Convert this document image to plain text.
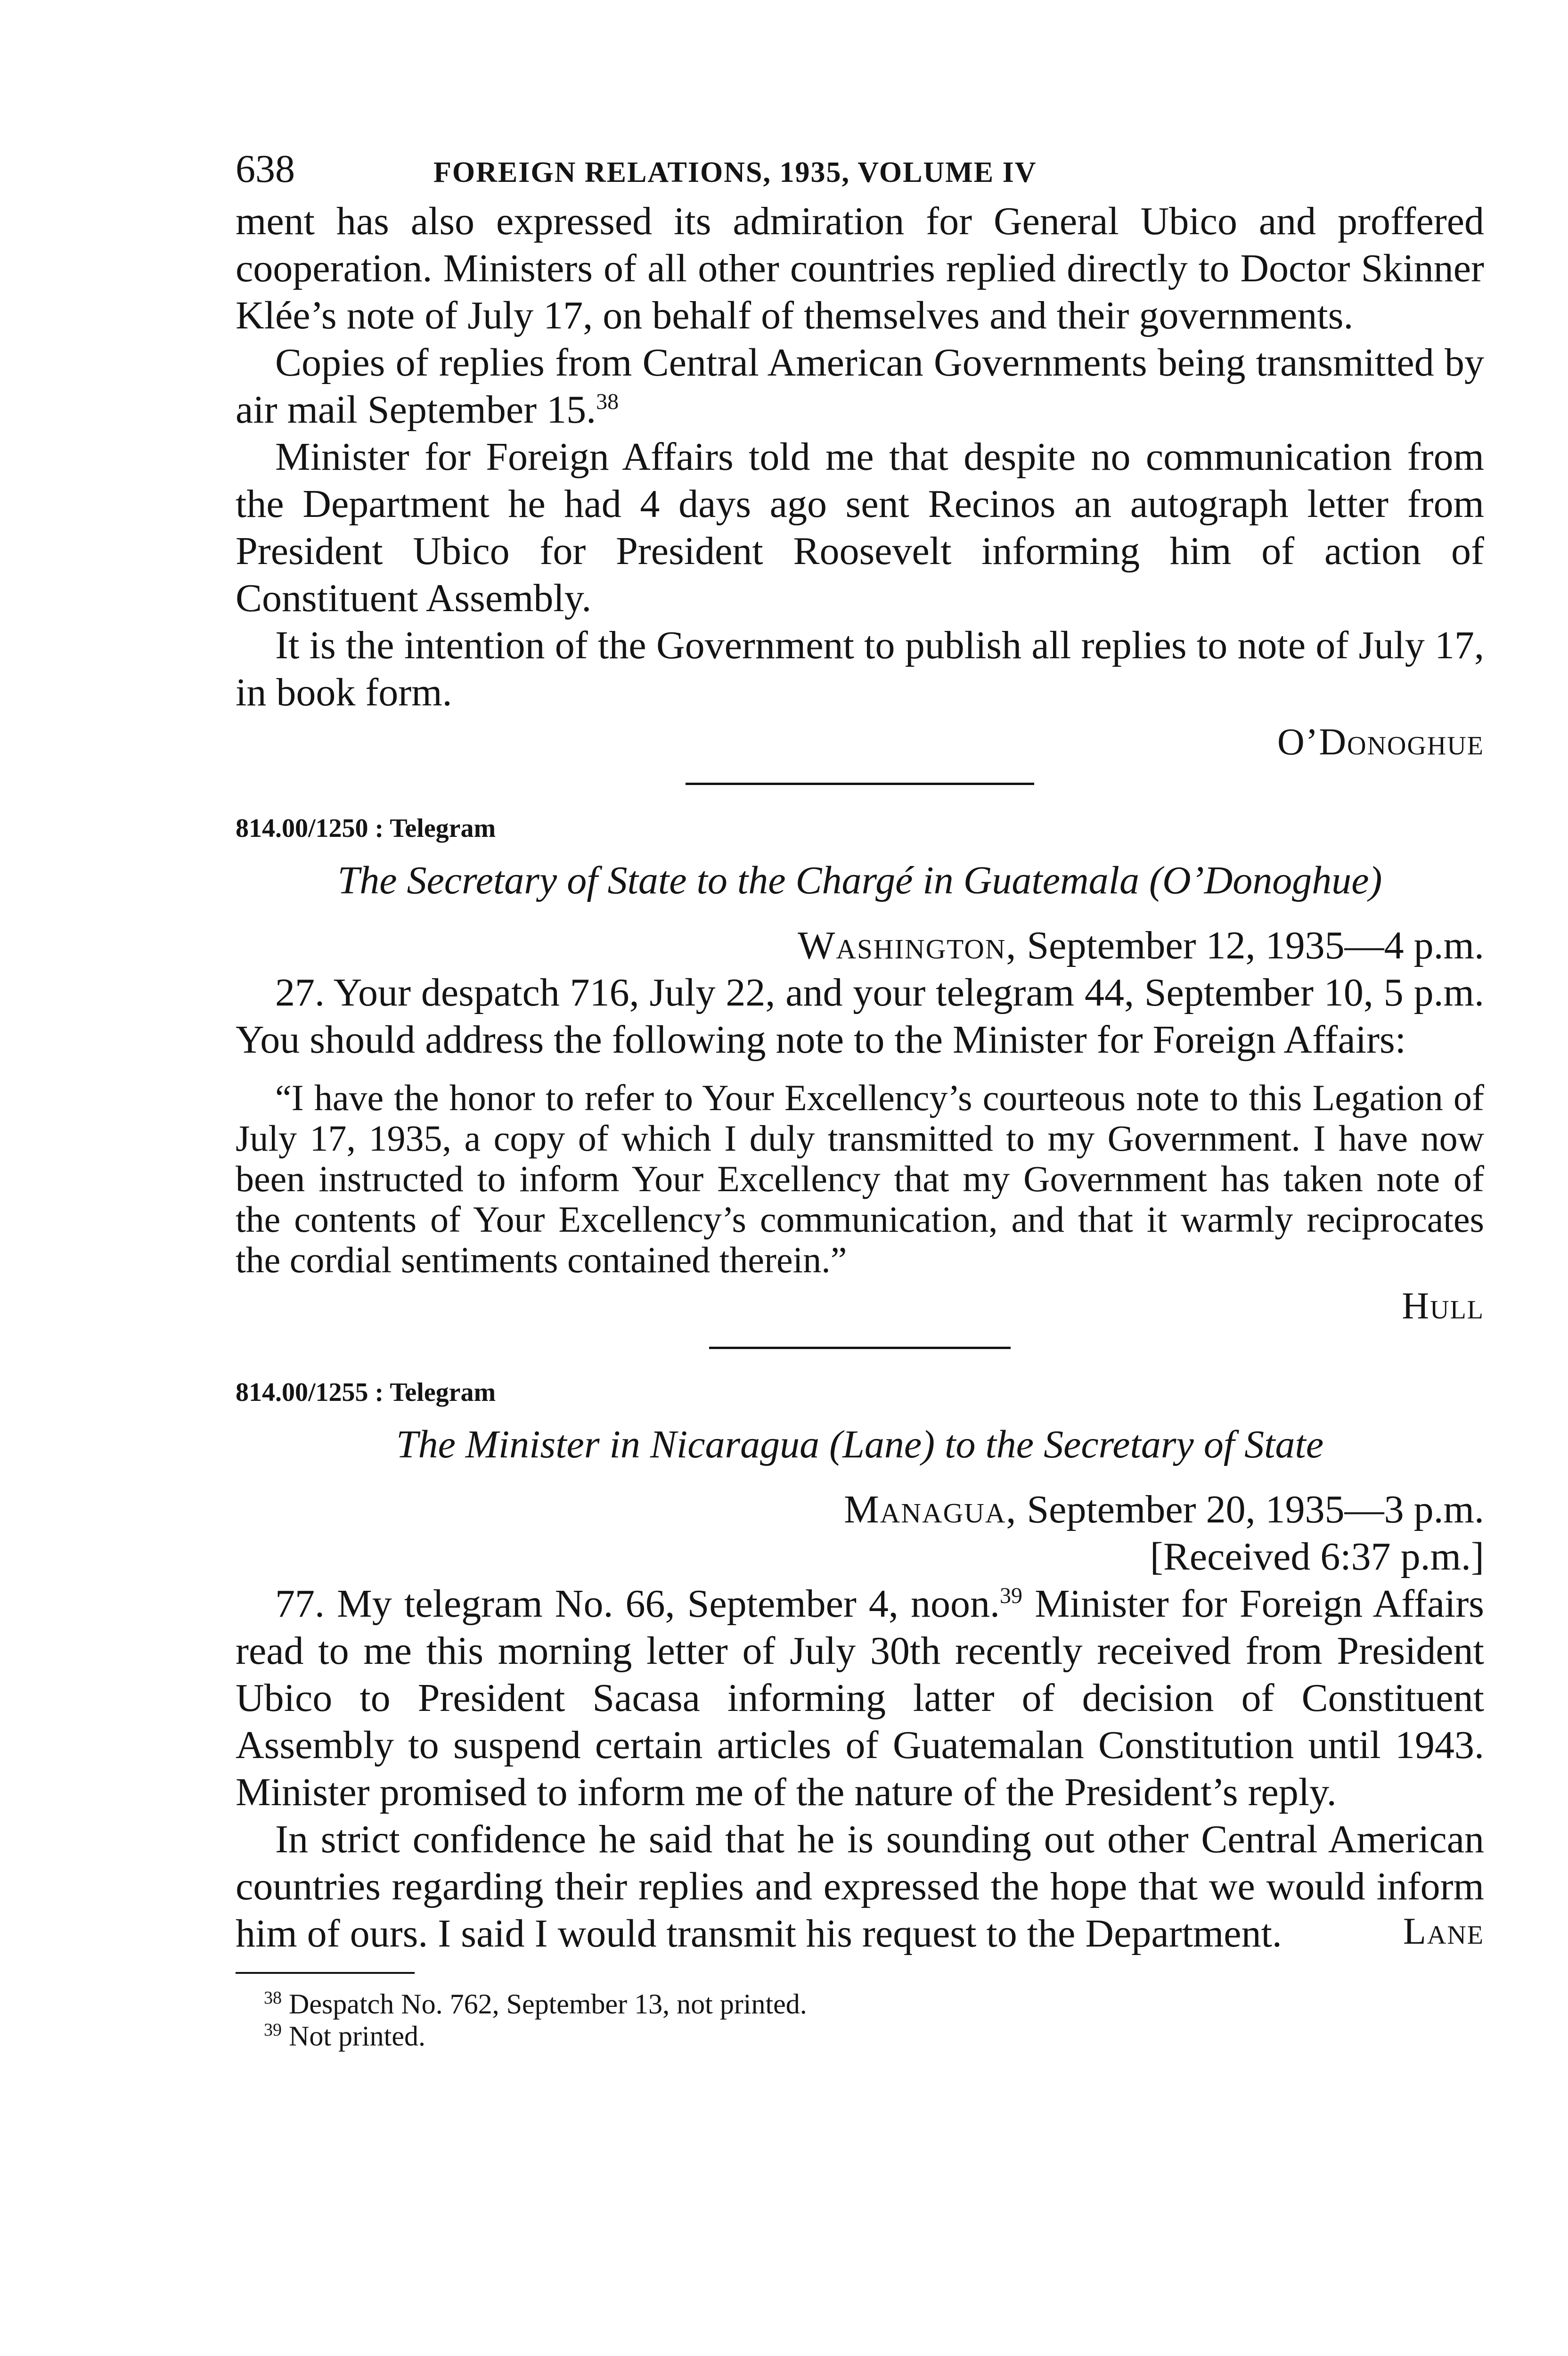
638	FOREIGN RELATIONS, 1935, VOLUME IV

ment has also expressed its admiration for General Ubico and proffered cooperation. Ministers of all other countries replied directly to Doctor Skinner Klée’s note of July 17, on behalf of themselves and their governments.

Copies of replies from Central American Governments being transmitted by air mail September 15.38

Minister for Foreign Affairs told me that despite no communication from the Department he had 4 days ago sent Recinos an autograph letter from President Ubico for President Roosevelt informing him of action of Constituent Assembly.

It is the intention of the Government to publish all replies to note of July 17, in book form.

O’Donoghue

814.00/1250 : Telegram

The Secretary of State to the Chargé in Guatemala (O’Donoghue)

Washington, September 12, 1935—4 p.m.

27. Your despatch 716, July 22, and your telegram 44, September 10, 5 p.m. You should address the following note to the Minister for Foreign Affairs:

“I have the honor to refer to Your Excellency’s courteous note to this Legation of July 17, 1935, a copy of which I duly transmitted to my Government. I have now been instructed to inform Your Excellency that my Government has taken note of the contents of Your Excellency’s communication, and that it warmly reciprocates the cordial sentiments contained therein.”

Hull

814.00/1255 : Telegram

The Minister in Nicaragua (Lane) to the Secretary of State

Managua, September 20, 1935—3 p.m.

[Received 6:37 p.m.]

77. My telegram No. 66, September 4, noon.$^{39}$ Minister for Foreign Affairs read to me this morning letter of July 30th recently received from President Ubico to President Sacasa informing latter of decision of Constituent Assembly to suspend certain articles of Guatemalan Constitution until 1943. Minister promised to inform me of the nature of the President’s reply.

In strict confidence he said that he is sounding out other Central American countries regarding their replies and expressed the hope that we would inform him of ours. I said I would transmit his request to the Department.	Lane

$^{38}$ Despatch No. 762, September 13, not printed.

$^{39}$ Not printed.
